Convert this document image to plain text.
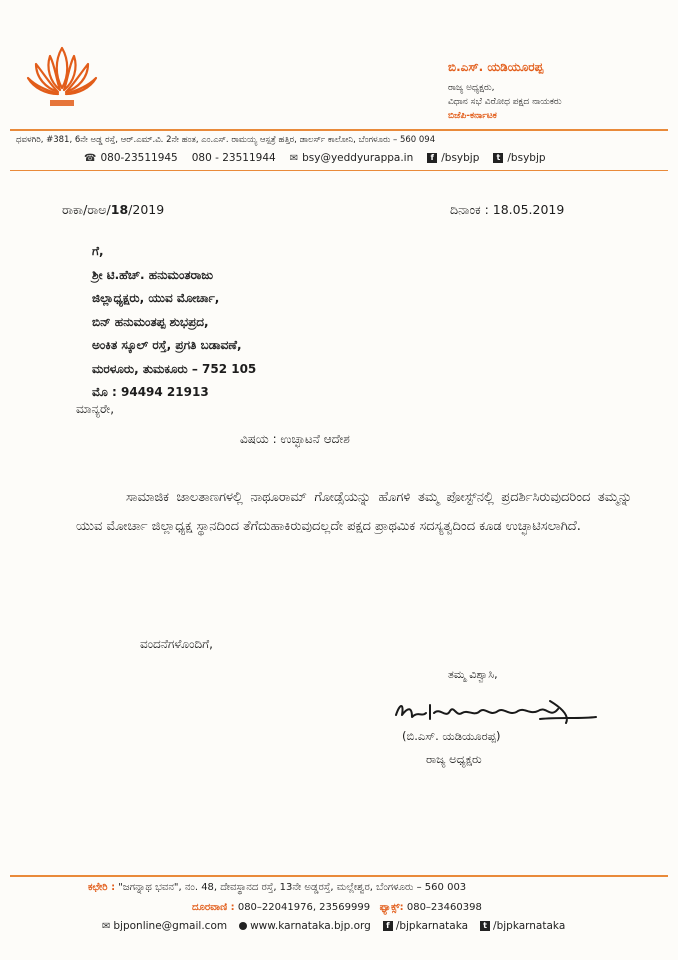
ಬಿ.ಎಸ್. ಯಡಿಯೂರಪ್ಪ
ರಾಜ್ಯ ಅಧ್ಯಕ್ಷರು,
ವಿಧಾನ ಸಭೆ ವಿರೋಧ ಪಕ್ಷದ ನಾಯಕರು
ಬಿಜೆಪಿ-ಕರ್ನಾಟಕ
ಧವಳಗಿರಿ, #381, 6ನೇ ಅಡ್ಡ ರಸ್ತೆ, ಆರ್.ಎಮ್.ವಿ. 2ನೇ ಹಂತ, ಎಂ.ಎಸ್. ರಾಮಯ್ಯ ಆಸ್ಪತ್ರೆ ಹತ್ತಿರ, ಡಾಲರ್ಸ್ ಕಾಲೋನಿ, ಬೆಂಗಳೂರು – 560 094
☎ 080-23511945 080 - 23511944 ✉ bsy@yeddyurappa.in	f /bsybjp	t /bsybjp
ರಾಕಾ/ರಾಅ/18/2019	ದಿನಾಂಕ : 18.05.2019
ಗೆ,
ಶ್ರೀ ಟಿ.ಹೆಚ್. ಹನುಮಂತರಾಜು
ಜಿಲ್ಲಾಧ್ಯಕ್ಷರು, ಯುವ ಮೋರ್ಚಾ,
ಬಿನ್ ಹನುಮಂತಪ್ಪ ಶುಭಪ್ರದ,
ಅಂಕಿತ ಸ್ಕೂಲ್ ರಸ್ತೆ, ಪ್ರಗತಿ ಬಡಾವಣೆ,
ಮರಳೂರು, ತುಮಕೂರು – 752 105
ಮೊ : 94494 21913
ಮಾನ್ಯರೇ,
ವಿಷಯ : ಉಚ್ಛಾಟನೆ ಆದೇಶ

ಸಾಮಾಜಿಕ ಜಾಲತಾಣಗಳಲ್ಲಿ ನಾಥೂರಾಮ್ ಗೋಡ್ಸೆಯನ್ನು ಹೊಗಳಿ ತಮ್ಮ ಪೋಸ್ಟ್‌ನಲ್ಲಿ ಪ್ರದರ್ಶಿಸಿರುವುದರಿಂದ ತಮ್ಮನ್ನು ಯುವ ಮೋರ್ಚಾ ಜಿಲ್ಲಾಧ್ಯಕ್ಷ ಸ್ಥಾನದಿಂದ ತೆಗೆದುಹಾಕಿರುವುದಲ್ಲದೇ ಪಕ್ಷದ ಪ್ರಾಥಮಿಕ ಸದಸ್ಯತ್ವದಿಂದ ಕೂಡ ಉಚ್ಛಾಟಿಸಲಾಗಿದೆ.

ವಂದನೆಗಳೊಂದಿಗೆ,
ತಮ್ಮ ವಿಶ್ವಾಸಿ,
(ಬಿ.ಎಸ್. ಯಡಿಯೂರಪ್ಪ)
ರಾಜ್ಯ ಅಧ್ಯಕ್ಷರು
ಕಛೇರಿ : "ಜಗನ್ನಾಥ ಭವನ", ನಂ. 48, ದೇವಸ್ಥಾನದ ರಸ್ತೆ, 13ನೇ ಅಡ್ಡರಸ್ತೆ, ಮಲ್ಲೇಶ್ವರ, ಬೆಂಗಳೂರು – 560 003
ದೂರವಾಣಿ : 080–22041976, 23569999 ಫ್ಯಾಕ್ಸ್: 080–23460398
✉ bjponline@gmail.com www.karnataka.bjp.org	f /bjpkarnataka	t /bjpkarnataka
